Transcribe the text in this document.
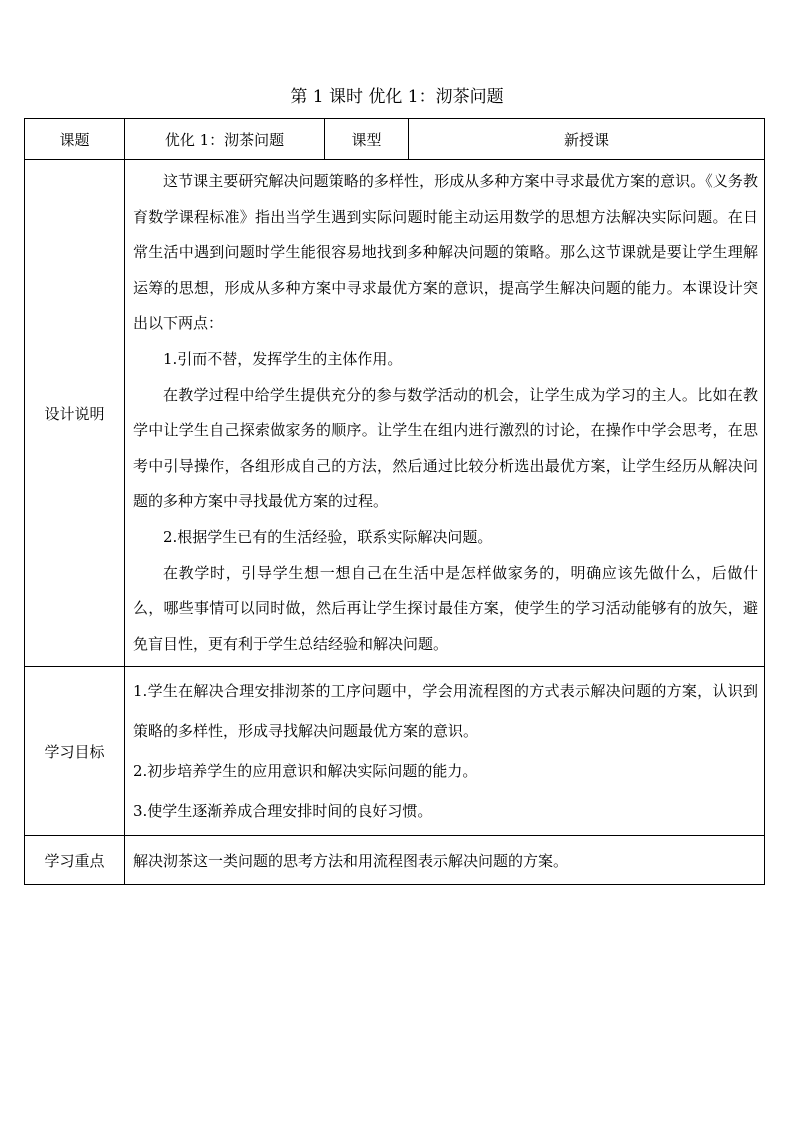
第 1 课时 优化 1：沏茶问题
课题	优化 1：沏茶问题	课型	新授课
设计说明	这节课主要研究解决问题策略的多样性，形成从多种方案中寻求最优方案的意识。《义务教育数学课程标准》指出当学生遇到实际问题时能主动运用数学的思想方法解决实际问题。在日常生活中遇到问题时学生能很容易地找到多种解决问题的策略。那么这节课就是要让学生理解运筹的思想，形成从多种方案中寻求最优方案的意识，提高学生解决问题的能力。本课设计突出以下两点：

1.引而不替，发挥学生的主体作用。

在教学过程中给学生提供充分的参与数学活动的机会，让学生成为学习的主人。比如在教学中让学生自己探索做家务的顺序。让学生在组内进行激烈的讨论，在操作中学会思考，在思考中引导操作，各组形成自己的方法，然后通过比较分析选出最优方案，让学生经历从解决问题的多种方案中寻找最优方案的过程。

2.根据学生已有的生活经验，联系实际解决问题。

在教学时，引导学生想一想自己在生活中是怎样做家务的，明确应该先做什么，后做什么，哪些事情可以同时做，然后再让学生探讨最佳方案，使学生的学习活动能够有的放矢，避免盲目性，更有利于学生总结经验和解决问题。		

学习目标	1.学生在解决合理安排沏茶的工序问题中，学会用流程图的方式表示解决问题的方案，认识到策略的多样性，形成寻找解决问题最优方案的意识。

2.初步培养学生的应用意识和解决实际问题的能力。

3.使学生逐渐养成合理安排时间的良好习惯。		

学习重点	解决沏茶这一类问题的思考方法和用流程图表示解决问题的方案。		
